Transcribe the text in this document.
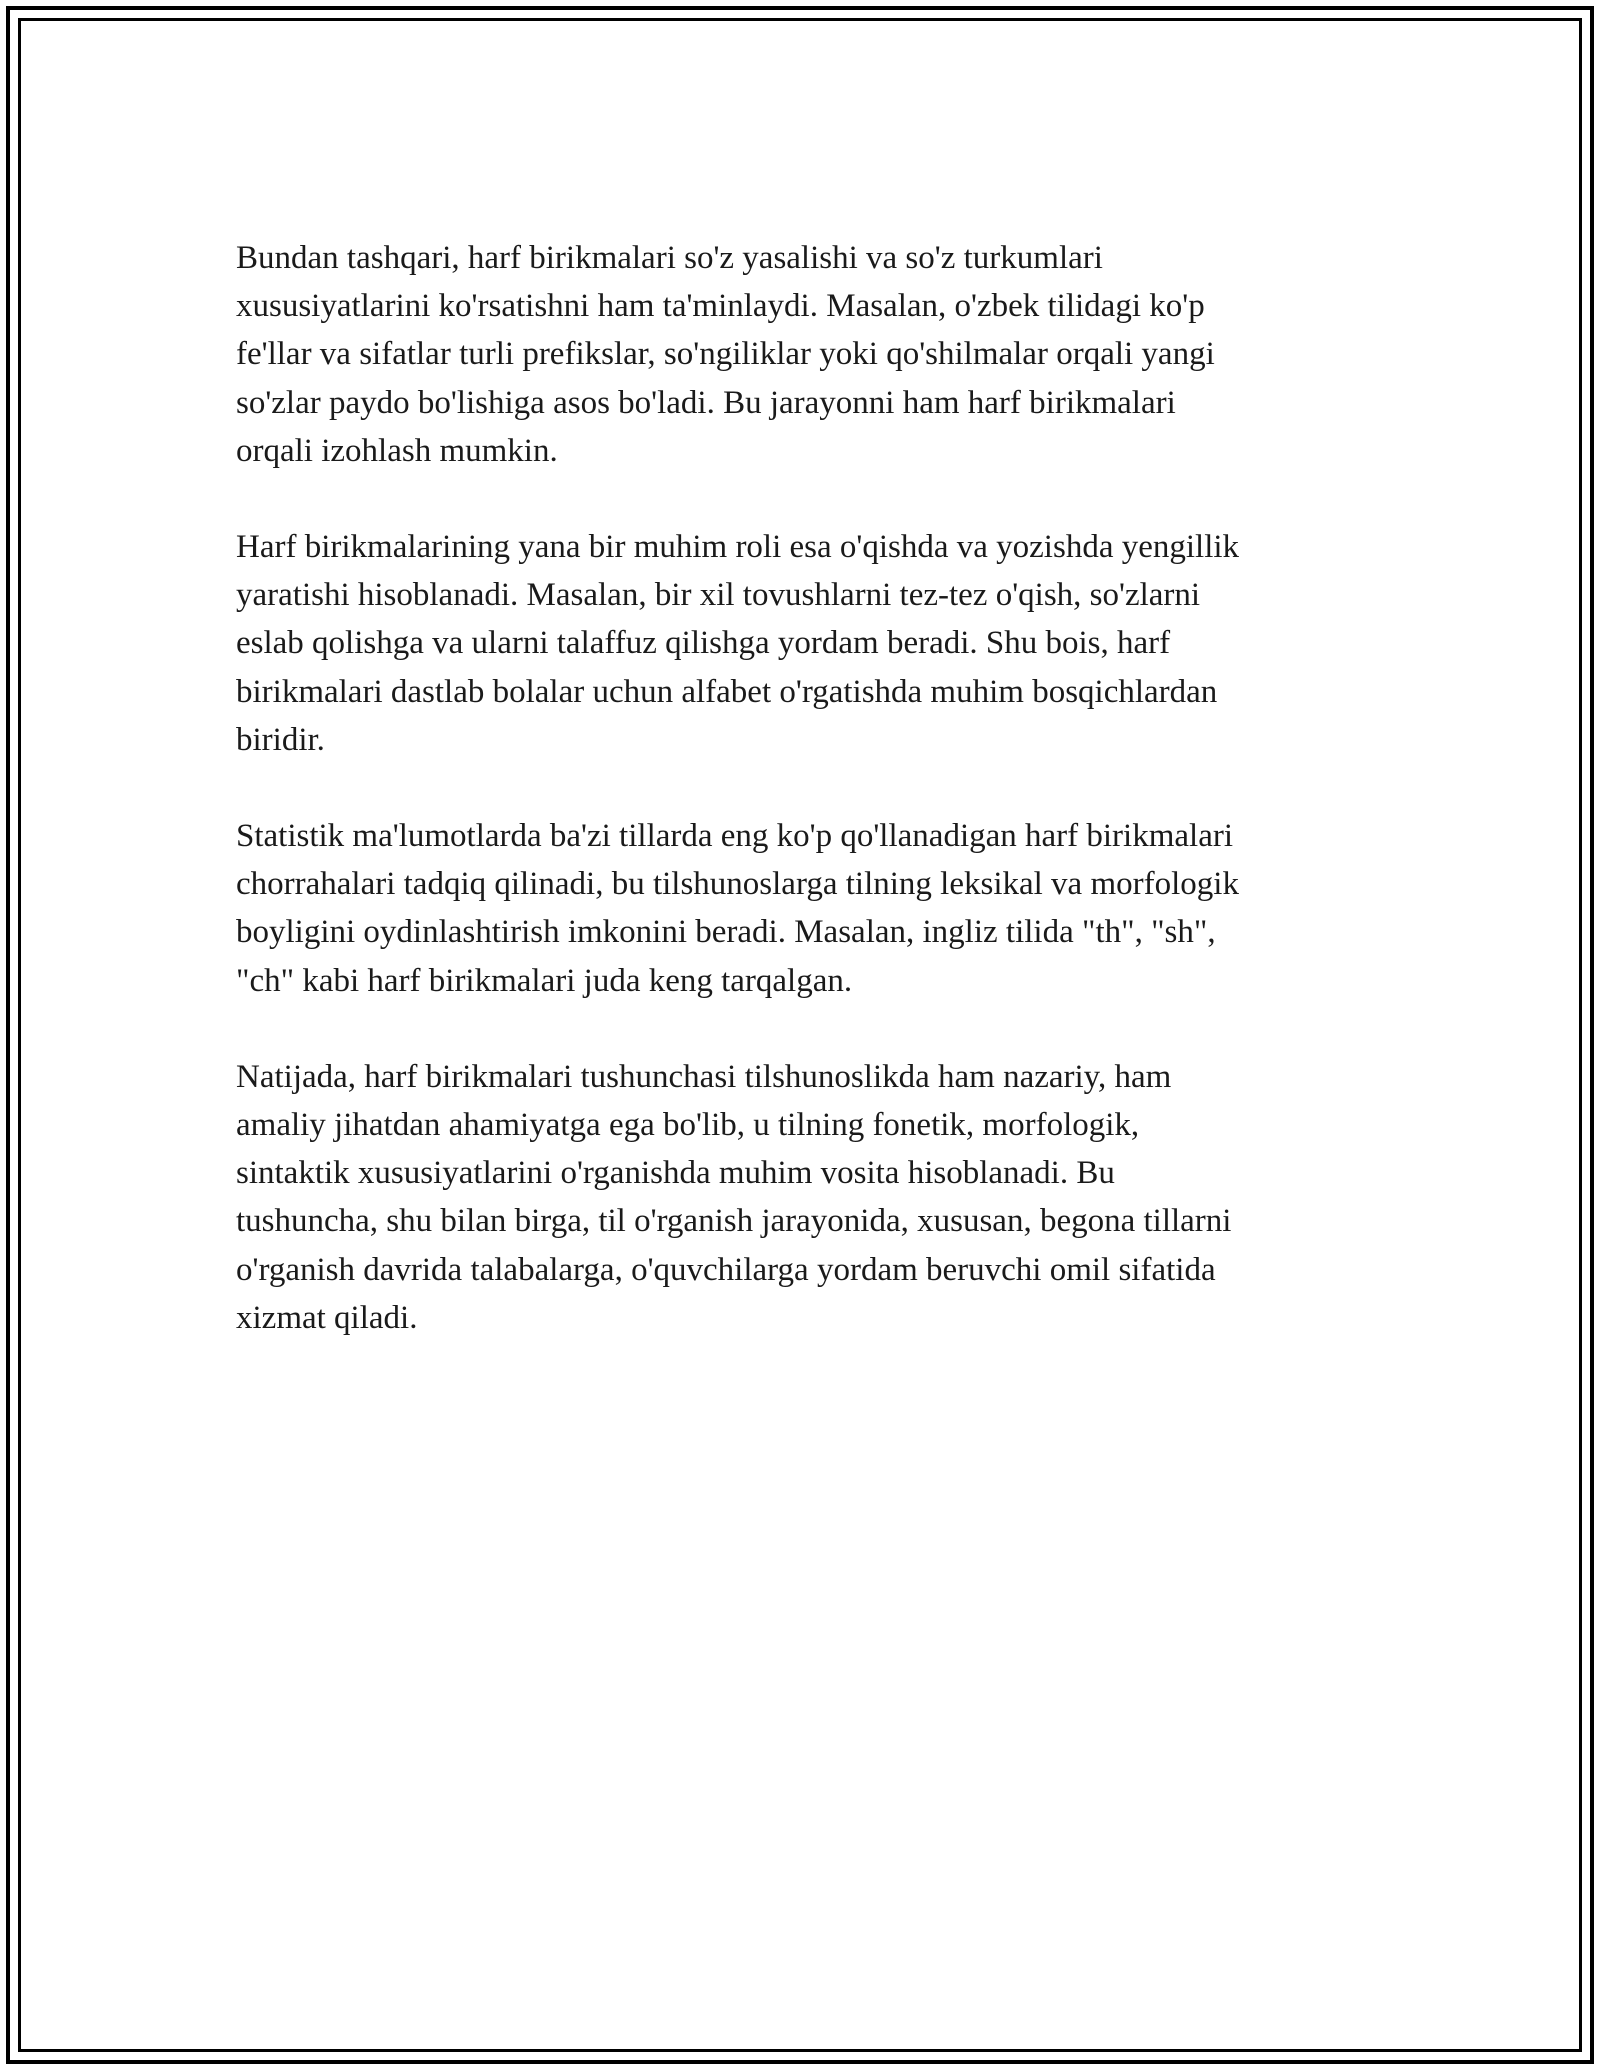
Bundan tashqari, harf birikmalari so'z yasalishi va so'z turkumlari
xususiyatlarini ko'rsatishni ham ta'minlaydi. Masalan, o'zbek tilidagi ko'p
fe'llar va sifatlar turli prefikslar, so'ngiliklar yoki qo'shilmalar orqali yangi
so'zlar paydo bo'lishiga asos bo'ladi. Bu jarayonni ham harf birikmalari
orqali izohlash mumkin.

Harf birikmalarining yana bir muhim roli esa o'qishda va yozishda yengillik
yaratishi hisoblanadi. Masalan, bir xil tovushlarni tez-tez o'qish, so'zlarni
eslab qolishga va ularni talaffuz qilishga yordam beradi. Shu bois, harf
birikmalari dastlab bolalar uchun alfabet o'rgatishda muhim bosqichlardan
biridir.

Statistik ma'lumotlarda ba'zi tillarda eng ko'p qo'llanadigan harf birikmalari
chorrahalari tadqiq qilinadi, bu tilshunoslarga tilning leksikal va morfologik
boyligini oydinlashtirish imkonini beradi. Masalan, ingliz tilida "th", "sh",
"ch" kabi harf birikmalari juda keng tarqalgan.

Natijada, harf birikmalari tushunchasi tilshunoslikda ham nazariy, ham
amaliy jihatdan ahamiyatga ega bo'lib, u tilning fonetik, morfologik,
sintaktik xususiyatlarini o'rganishda muhim vosita hisoblanadi. Bu
tushuncha, shu bilan birga, til o'rganish jarayonida, xususan, begona tillarni
o'rganish davrida talabalarga, o'quvchilarga yordam beruvchi omil sifatida
xizmat qiladi.
